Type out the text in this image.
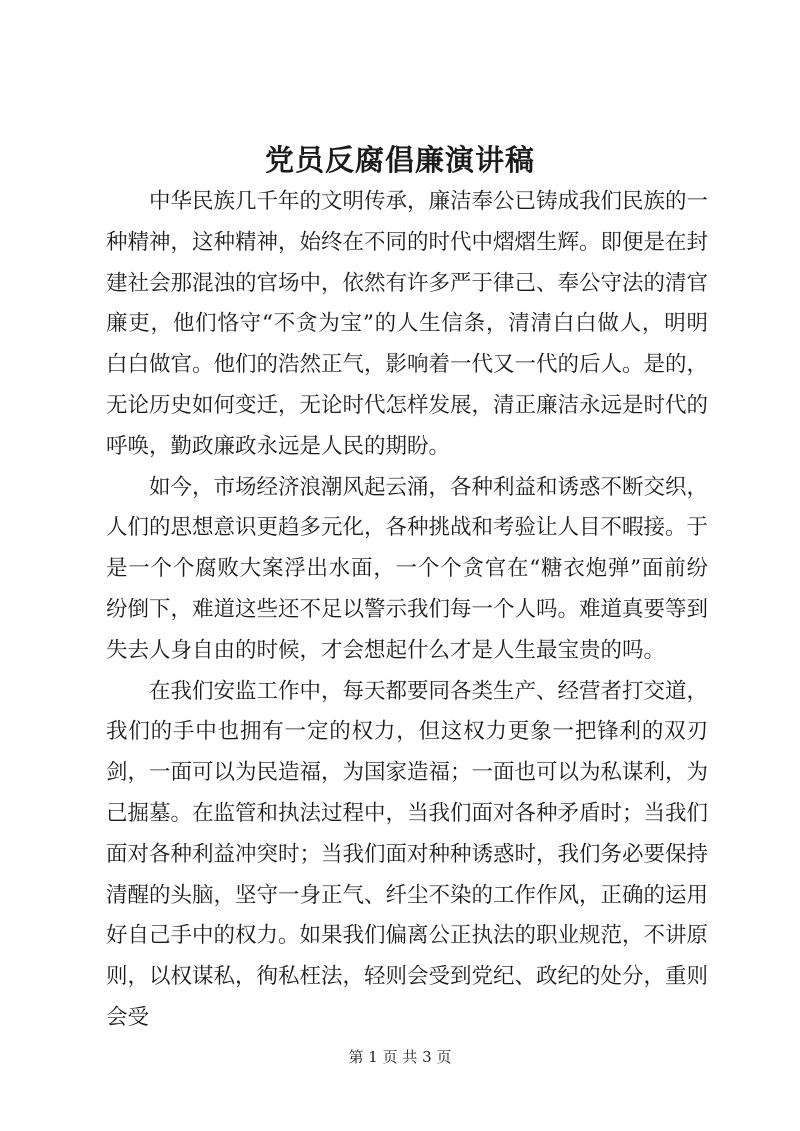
党员反腐倡廉演讲稿

中华民族几千年的文明传承，廉洁奉公已铸成我们民族的一种精神，这种精神，始终在不同的时代中熠熠生辉。即便是在封建社会那混浊的官场中，依然有许多严于律己、奉公守法的清官廉吏，他们恪守“不贪为宝”的人生信条，清清白白做人，明明白白做官。他们的浩然正气，影响着一代又一代的后人。是的，无论历史如何变迁，无论时代怎样发展，清正廉洁永远是时代的呼唤，勤政廉政永远是人民的期盼。

如今，市场经济浪潮风起云涌，各种利益和诱惑不断交织，人们的思想意识更趋多元化，各种挑战和考验让人目不暇接。于是一个个腐败大案浮出水面，一个个贪官在“糖衣炮弹”面前纷纷倒下，难道这些还不足以警示我们每一个人吗。难道真要等到失去人身自由的时候，才会想起什么才是人生最宝贵的吗。

在我们安监工作中，每天都要同各类生产、经营者打交道，我们的手中也拥有一定的权力，但这权力更象一把锋利的双刃剑，一面可以为民造福，为国家造福；一面也可以为私谋利，为己掘墓。在监管和执法过程中，当我们面对各种矛盾时；当我们面对各种利益冲突时；当我们面对种种诱惑时，我们务必要保持清醒的头脑，坚守一身正气、纤尘不染的工作作风，正确的运用好自己手中的权力。如果我们偏离公正执法的职业规范，不讲原则，以权谋私，徇私枉法，轻则会受到党纪、政纪的处分，重则会受

第 1 页 共 3 页
